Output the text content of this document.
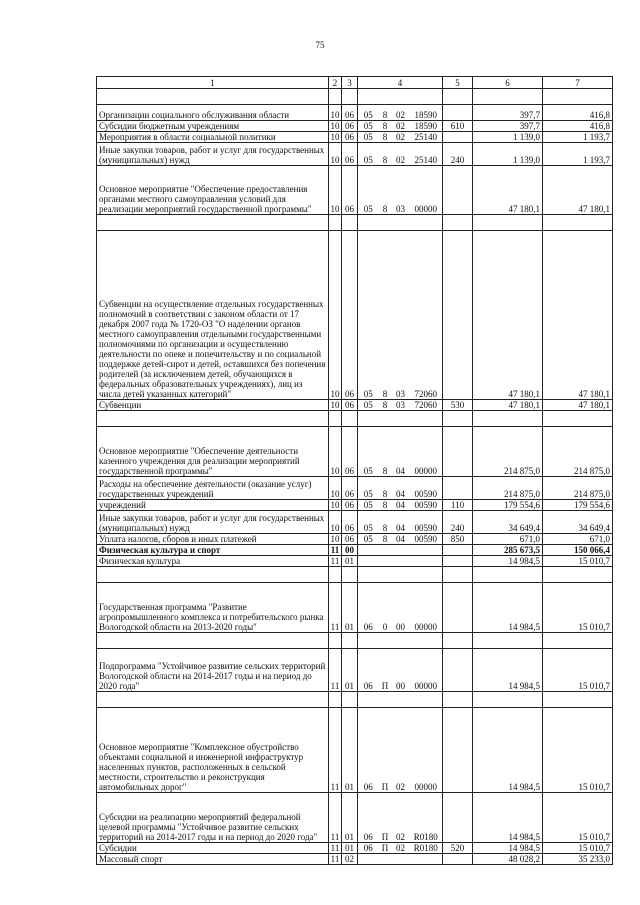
75
1	2	3	4				5	6	7

Организации социального обслуживания области	10	06	05	8	02	18590		397,7	416,8
Субсидии бюджетным учреждениям	10	06	05	8	02	18590	610	397,7	416,8
Мероприятия в области социальной политики	10	06	05	8	02	25140		1 139,0	1 193,7
Иные закупки товаров, работ и услуг для государственных (муниципальных) нужд	10	06	05	8	02	25140	240	1 139,0	1 193,7
Основное мероприятие "Обеспечение предоставления органами местного самоуправления условий для реализации мероприятий государственной программы"	10	06	05	8	03	00000		47 180,1	47 180,1

Субвенции на осуществление отдельных государственных полномочий в соответствии с законом области от 17 декабря 2007 года № 1720-ОЗ "О наделении органов местного самоуправления отдельными государственными полномочиями по организации и осуществлению деятельности по опеке и попечительству и по социальной поддержке детей-сирот и детей, оставшихся без попечения родителей (за исключением детей, обучающихся в федеральных образовательных учреждениях), лиц из числа детей указанных категорий"	10	06	05	8	03	72060		47 180,1	47 180,1
Субвенции	10	06	05	8	03	72060	530	47 180,1	47 180,1

Основное мероприятие "Обеспечение деятельности казенного учреждения для реализации мероприятий государственной программы"	10	06	05	8	04	00000		214 875,0	214 875,0
Расходы на обеспечение деятельности (оказание услуг) государственных учреждений	10	06	05	8	04	00590		214 875,0	214 875,0
учреждений	10	06	05	8	04	00590	110	179 554,6	179 554,6
Иные закупки товаров, работ и услуг для государственных (муниципальных) нужд	10	06	05	8	04	00590	240	34 649,4	34 649,4
Уплата налогов, сборов и иных платежей	10	06	05	8	04	00590	850	671,0	671,0
Физическая культура и спорт	11	00						285 673,5	150 066,4
Физическая культура	11	01						14 984,5	15 010,7

Государственная программа "Развитие агропромышленного комплекса и потребительского рынка Вологодской области на 2013-2020 годы"	11	01	06	0	00	00000		14 984,5	15 010,7

Подпрограмма "Устойчивое развитие сельских территорий Вологодской области на 2014-2017 годы и на период до 2020 года"	11	01	06	П	00	00000		14 984,5	15 010,7

Основное мероприятие "Комплексное обустройство объектами социальной и инженерной инфраструктур населенных пунктов, расположенных в сельской местности, строительство и реконструкция автомобильных дорог"	11	01	06	П	02	00000		14 984,5	15 010,7
Субсидии на реализацию мероприятий федеральной целевой программы "Устойчивое развитие сельских территорий на 2014-2017 годы и на период до 2020 года"	11	01	06	П	02	R0180		14 984,5	15 010,7
Субсидии	11	01	06	П	02	R0180	520	14 984,5	15 010,7
Массовый спорт	11	02						48 028,2	35 233,0
